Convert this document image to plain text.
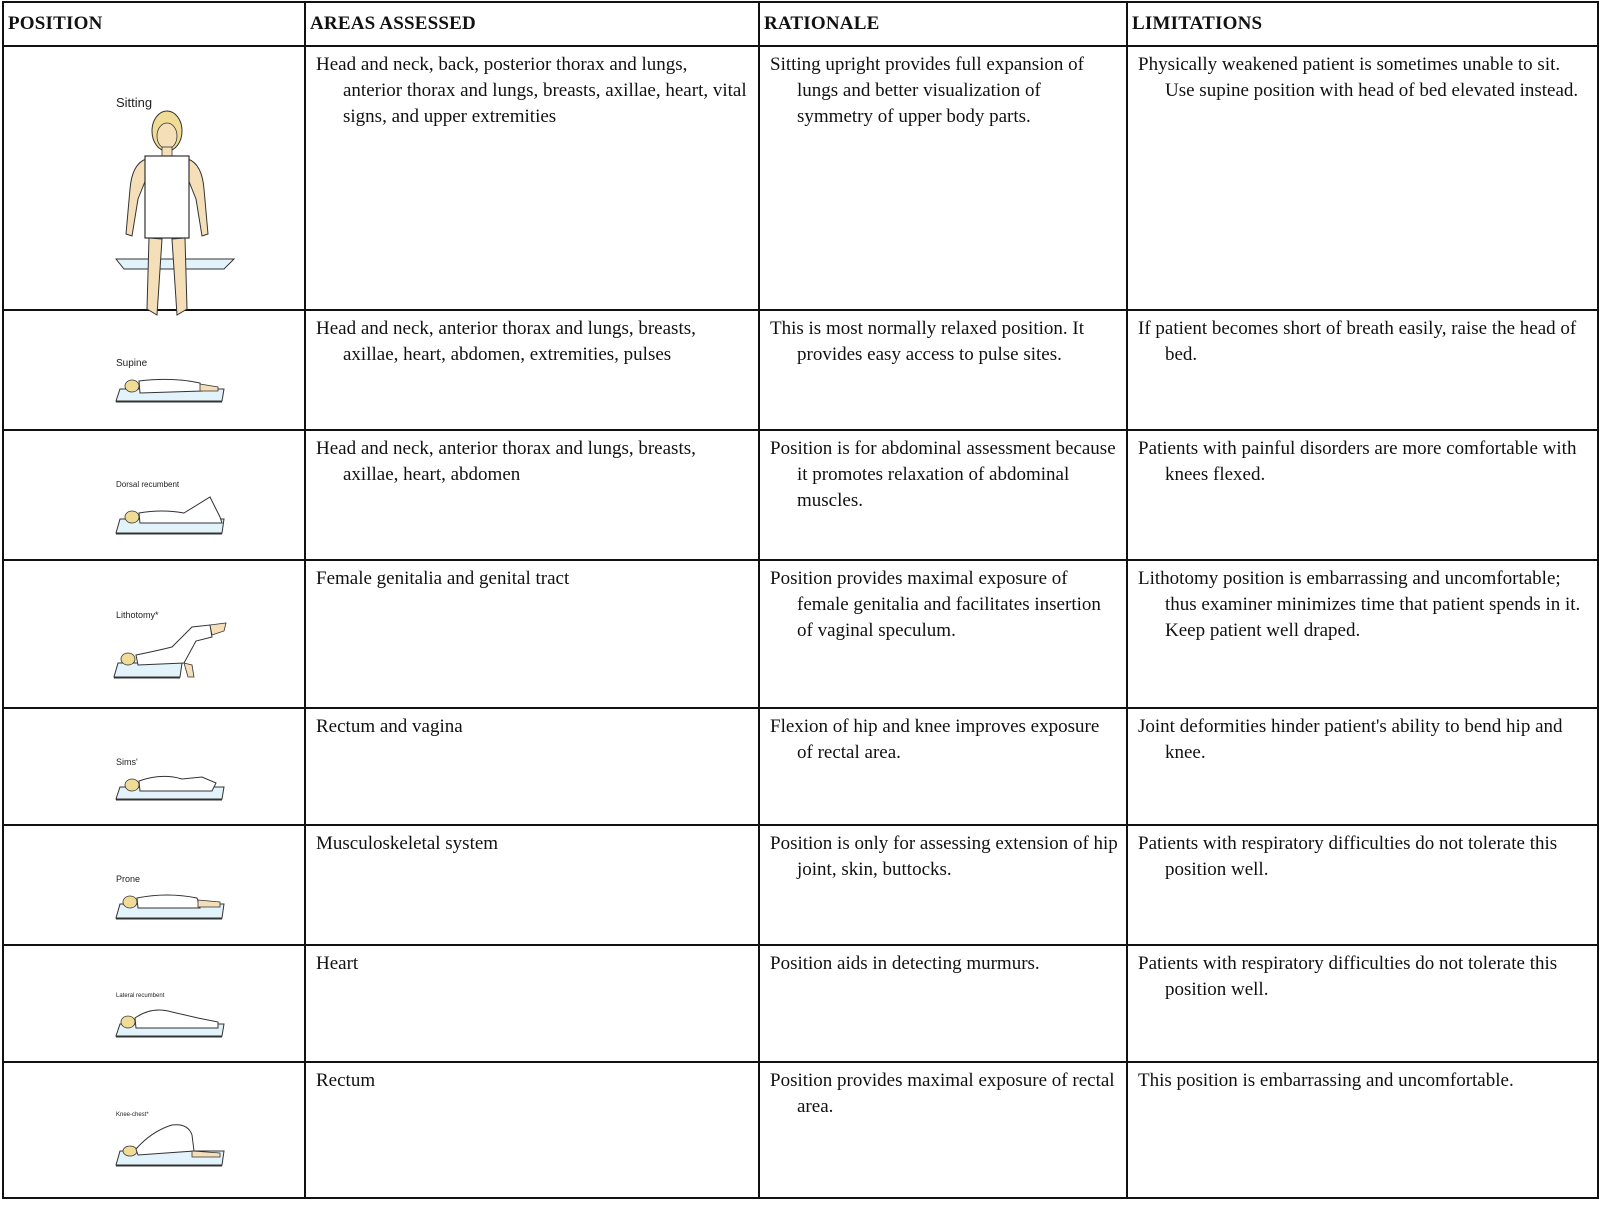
POSITION	AREAS ASSESSED	RATIONALE	LIMITATIONS

Sitting	Head and neck, back, posterior thorax and lungs, anterior thorax and lungs, breasts, axillae, heart, vital signs, and upper extremities	Sitting upright provides full expansion of lungs and better visualization of symmetry of upper body parts.	Physically weakened patient is sometimes unable to sit. Use supine position with head of bed elevated instead.

Supine	Head and neck, anterior thorax and lungs, breasts, axillae, heart, abdomen, extremities, pulses	This is most normally relaxed position. It provides easy access to pulse sites.	If patient becomes short of breath easily, raise the head of bed.

Dorsal recumbent	Head and neck, anterior thorax and lungs, breasts, axillae, heart, abdomen	Position is for abdominal assessment because it promotes relaxation of abdominal muscles.	Patients with painful disorders are more comfortable with knees flexed.

Lithotomy*	Female genitalia and genital tract	Position provides maximal exposure of female genitalia and facilitates insertion of vaginal speculum.	Lithotomy position is embarrassing and uncomfortable; thus examiner minimizes time that patient spends in it. Keep patient well draped.

Sims'	Rectum and vagina	Flexion of hip and knee improves exposure of rectal area.	Joint deformities hinder patient's ability to bend hip and knee.

Prone	Musculoskeletal system	Position is only for assessing extension of hip joint, skin, buttocks.	Patients with respiratory difficulties do not tolerate this position well.

Lateral recumbent	Heart	Position aids in detecting murmurs.	Patients with respiratory difficulties do not tolerate this position well.

Knee-chest*	Rectum	Position provides maximal exposure of rectal area.	This position is embarrassing and uncomfortable.
